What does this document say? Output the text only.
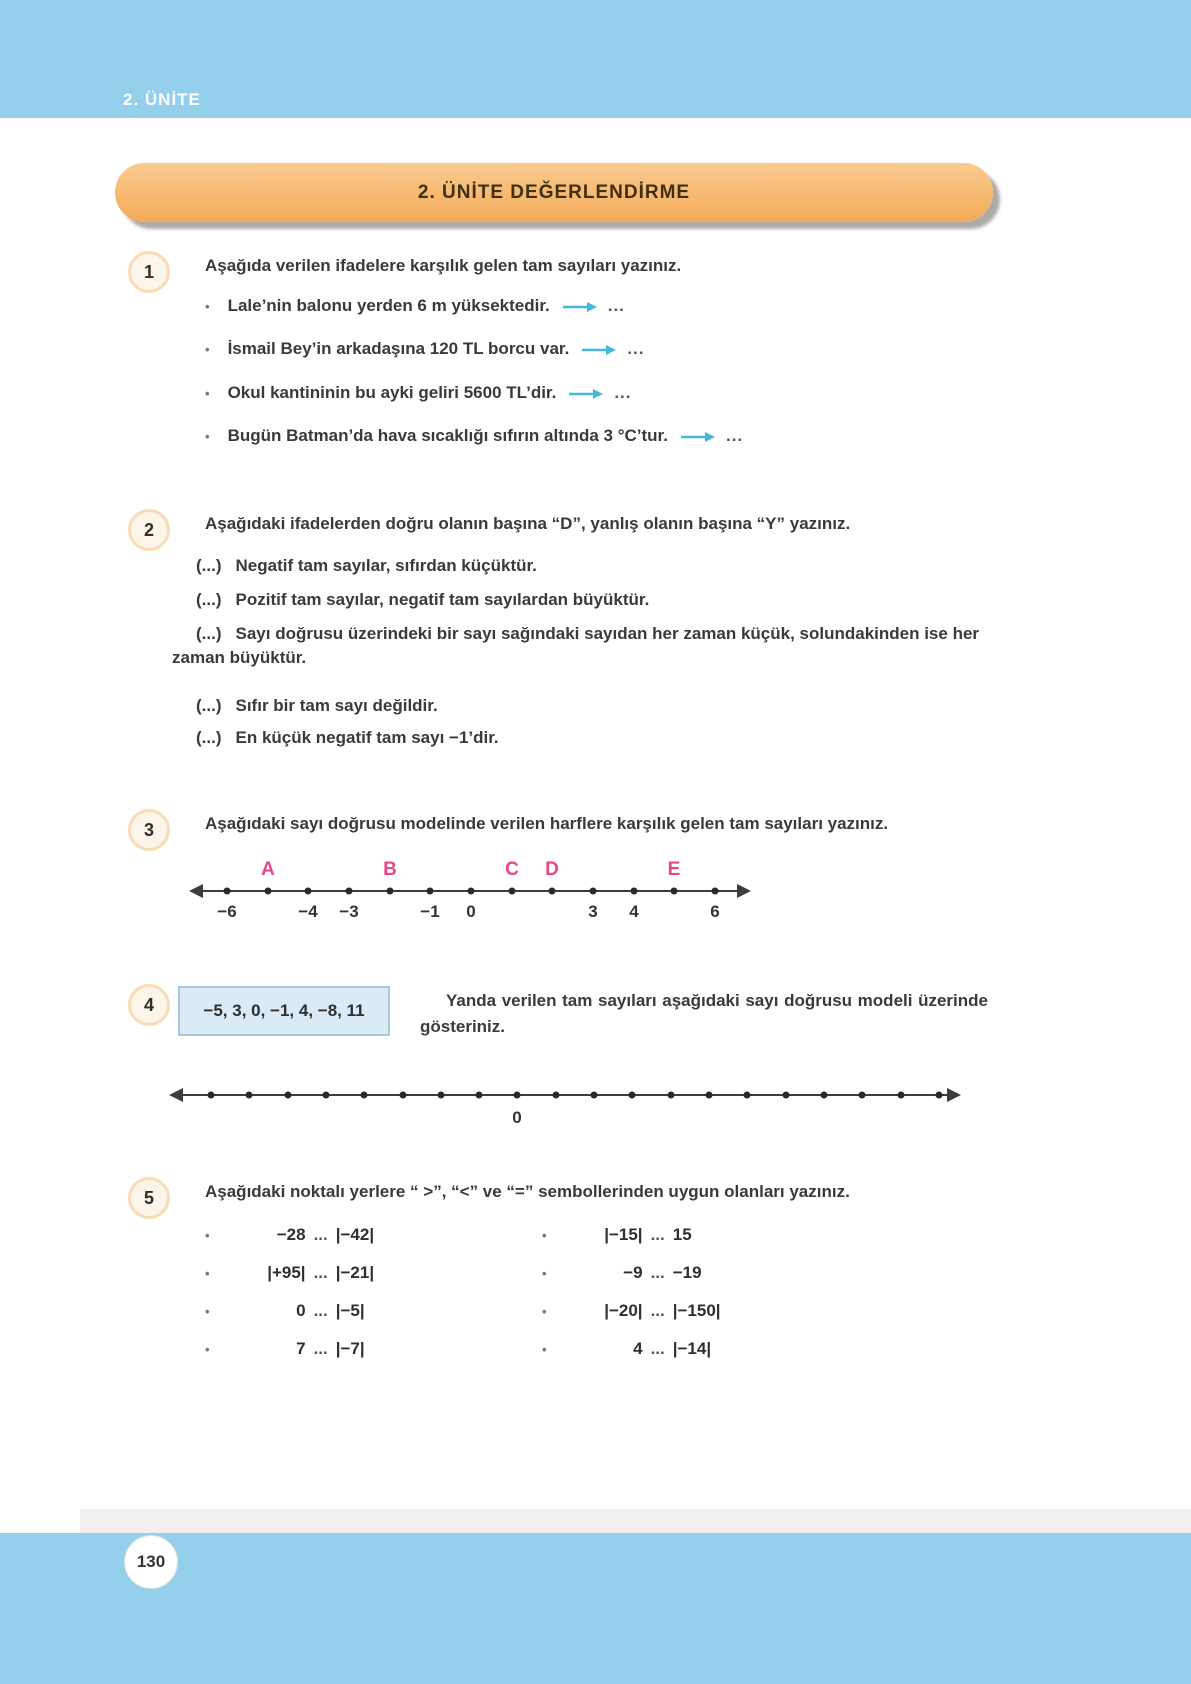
2. ÜNİTE
2. ÜNİTE DEĞERLENDİRME
1	Aşağıda verilen ifadelere karşılık gelen tam sayıları yazınız.
• Lale’nin balonu yerden 6 m yüksektedir.	...
• İsmail Bey’in arkadaşına 120 TL borcu var.	...
• Okul kantininin bu ayki geliri 5600 TL’dir.	...
• Bugün Batman’da hava sıcaklığı sıfırın altında 3 °C’tur.	...
2	Aşağıdaki ifadelerden doğru olanın başına “D”, yanlış olanın başına “Y” yazınız.
(...) Negatif tam sayılar, sıfırdan küçüktür.
(...) Pozitif tam sayılar, negatif tam sayılardan büyüktür.
(...) Sayı doğrusu üzerindeki bir sayı sağındaki sayıdan her zaman küçük, solundakinden ise her zaman büyüktür.
(...) Sıfır bir tam sayı değildir.
(...) En küçük negatif tam sayı −1’dir.
3	Aşağıdaki sayı doğrusu modelinde verilen harflere karşılık gelen tam sayıları yazınız.
A	B	C D	E
−6	−4 −3	−1 0	3 4	6
4	−5, 3, 0, −1, 4, −8, 11
Yanda verilen tam sayıları aşağıdaki sayı doğrusu modeli üzerinde gösteriniz.
0
5	Aşağıdaki noktalı yerlere “ >”, “<” ve “=” sembollerinden uygun olanları yazınız.
•	−28 ... |−42|
•	|+95| ... |−21|
•	0 ... |−5|
•	7 ... |−7|
•	|−15| ... 15
•	−9 ... −19
•	|−20| ... |−150|
•	4 ... |−14|
130
